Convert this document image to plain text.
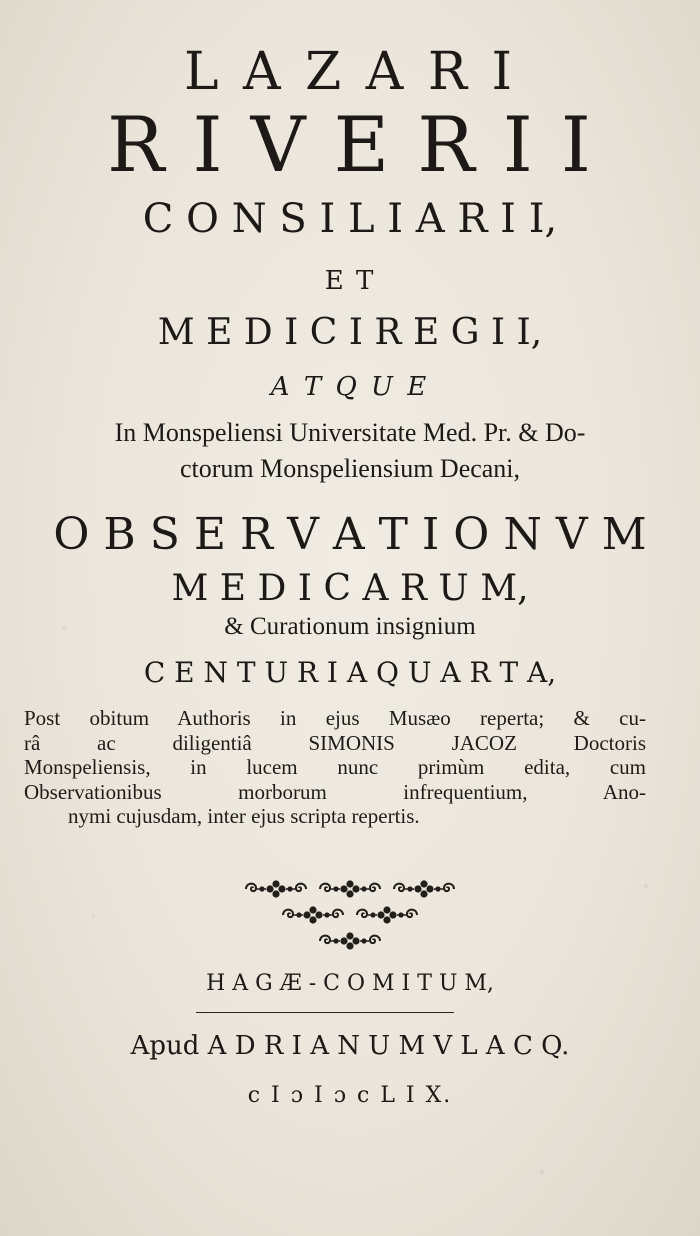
L A Z A R I
R I V E R I I
C O N S I L I A R I I,
E T
M E D I C I R E G I I,
A T Q U E
In Monspeliensi Universitate Med. Pr. & Do-
ctorum Monspeliensium Decani,
O B S E R V A T I O N V M
M E D I C A R U M,
& Curationum insignium
C E N T U R I A Q U A R T A,
Post obitum Authoris in ejus Musæo reperta; & cu-
râ ac diligentiâ SIMONIS JACOZ Doctoris
Monspeliensis, in lucem nunc primùm edita, cum
Observationibus morborum infrequentium, Ano-
nymi cujusdam, inter ejus scripta repertis.
H A G Æ - C O M I T U M,
Apud A D R I A N U M V L A C Q.
c I ɔ I ɔ c L I X.
